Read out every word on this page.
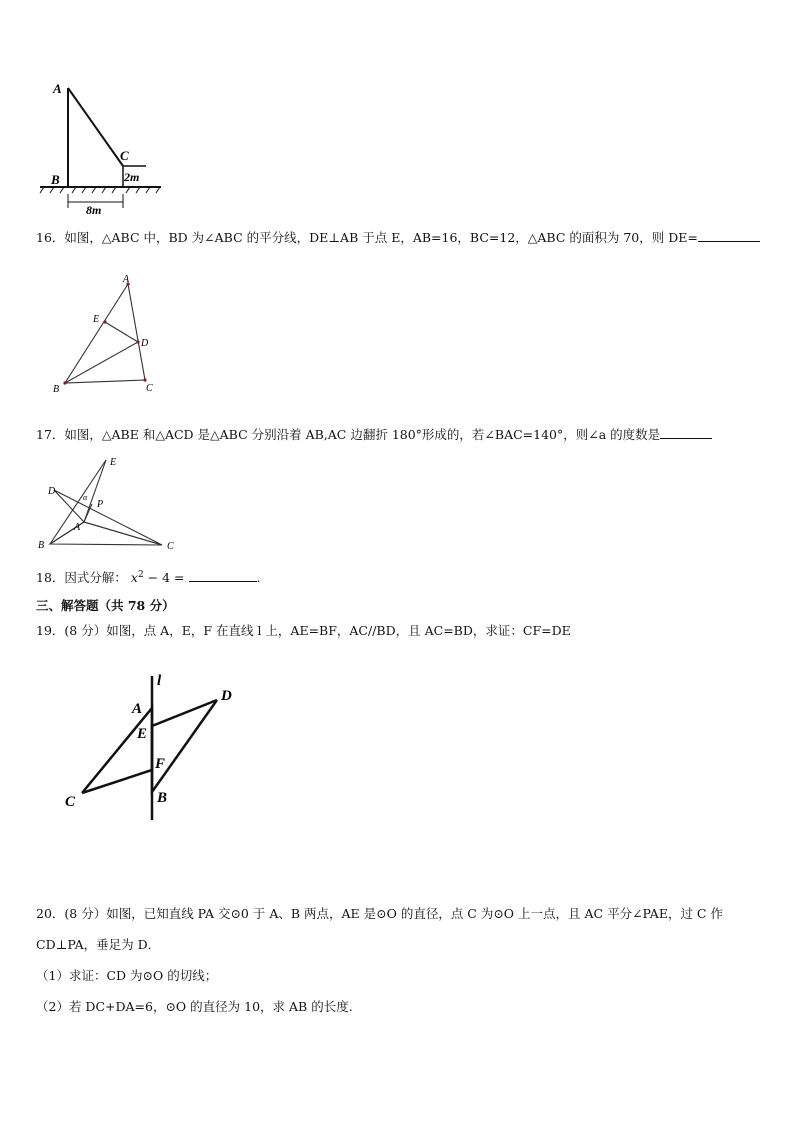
A
B
C
2m
8m
16．如图，△ABC 中，BD 为∠ABC 的平分线，DE⊥AB 于点 E，AB=16，BC=12，△ABC 的面积为 70，则 DE=
A
B	C
D
E
17．如图，△ABE 和△ACD 是△ABC 分别沿着 AB,AC 边翻折 180°形成的，若∠BAC=140°，则∠a 的度数是
E
D
α
P
A
B	C
18．因式分解： $x^2 - 4$ =	.
三、解答题（共 78 分）
19．(8 分）如图，点 A，E，F 在直线 l 上，AE=BF，AC//BD，且 AC=BD，求证：CF=DE
l
A
D
E
F
C	B
20．(8 分）如图，已知直线 PA 交⊙0 于 A、B 两点，AE 是⊙O 的直径，点 C 为⊙O 上一点，且 AC 平分∠PAE，过 C 作
CD⊥PA，垂足为 D．
（1）求证：CD 为⊙O 的切线；
（2）若 DC+DA=6，⊙O 的直径为 10，求 AB 的长度.
